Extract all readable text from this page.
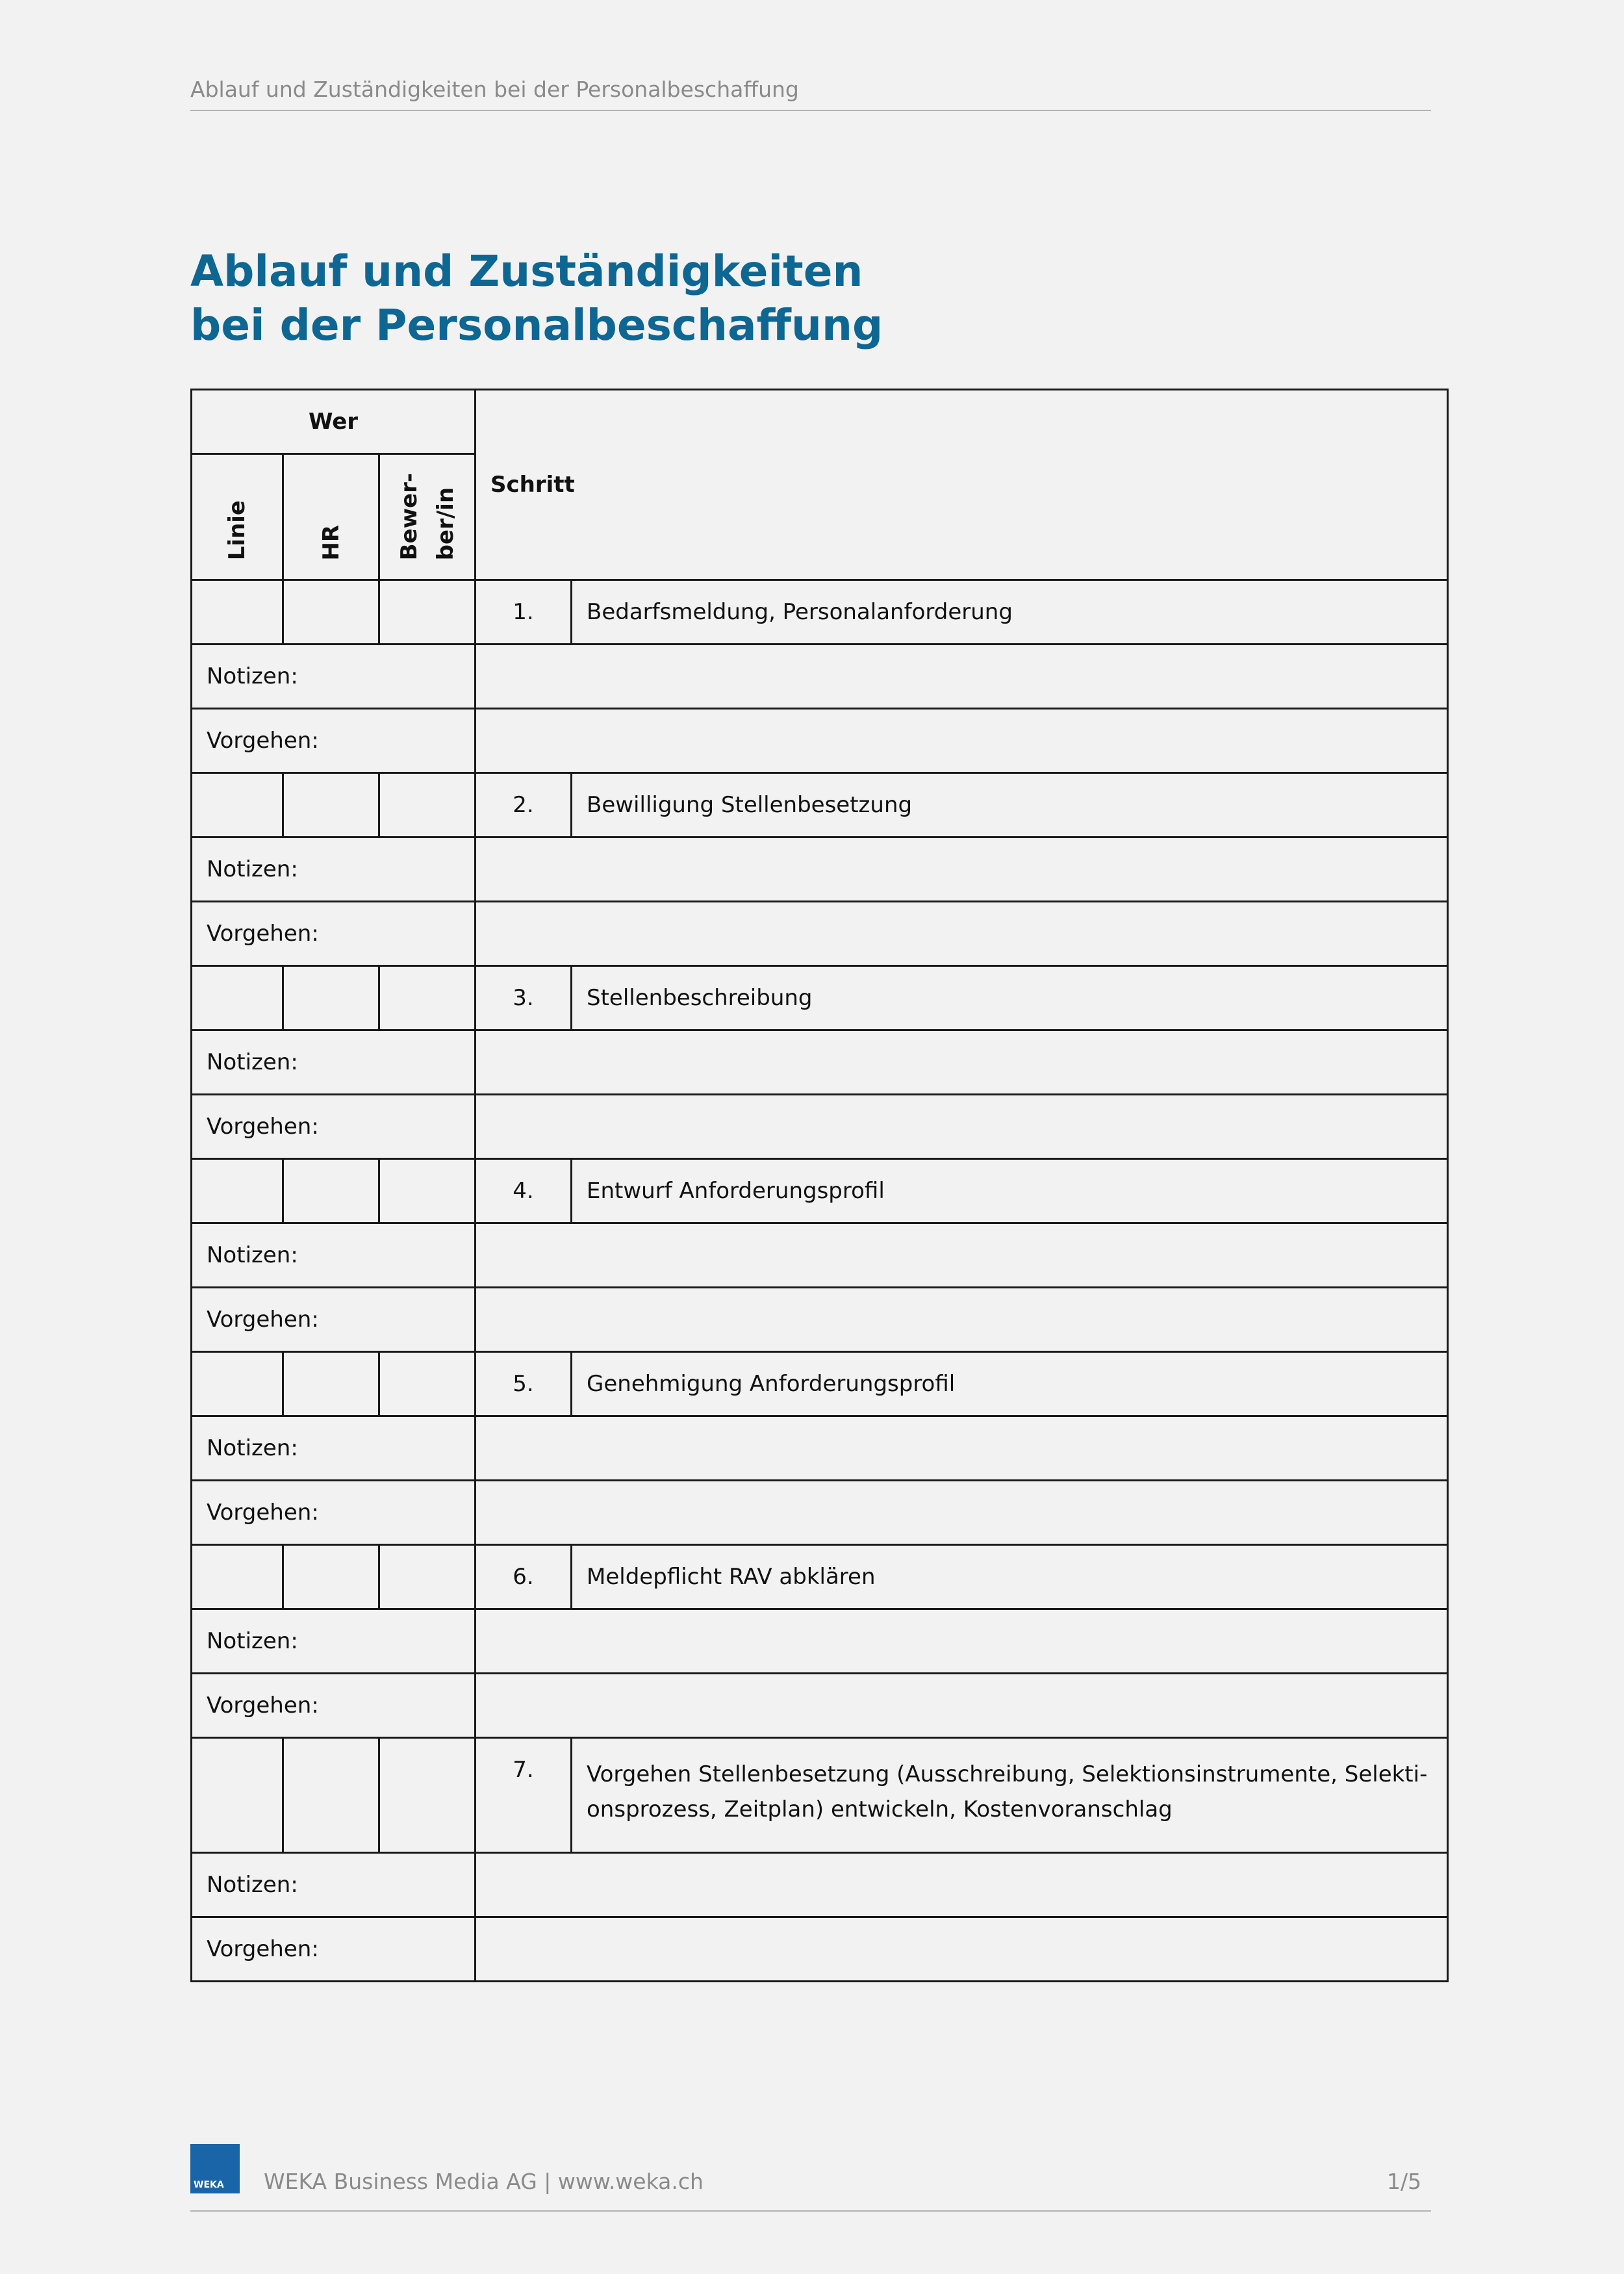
Ablauf und Zuständigkeiten bei der Personalbeschaffung
Ablauf und Zuständigkeiten
bei der Personalbeschaffung
Wer			Schritt	
Linie	HR	Bewer- ber/in		
			1.	Bedarfsmeldung, Personalanforderung
Notizen:				
Vorgehen:				
			2.	Bewilligung Stellenbesetzung
Notizen:				
Vorgehen:				
			3.	Stellenbeschreibung
Notizen:				
Vorgehen:				
			4.	Entwurf Anforderungsprofil
Notizen:				
Vorgehen:				
			5.	Genehmigung Anforderungsprofil
Notizen:				
Vorgehen:				
			6.	Meldepflicht RAV abklären
Notizen:				
Vorgehen:				
			7.	Vorgehen Stellenbesetzung (Ausschreibung, Selektionsinstrumente, Selekti-
onsprozess, Zeitplan) entwickeln, Kostenvoranschlag
Notizen:				
Vorgehen:				
WEKA WEKA Business Media AG | www.weka.ch	1/5
